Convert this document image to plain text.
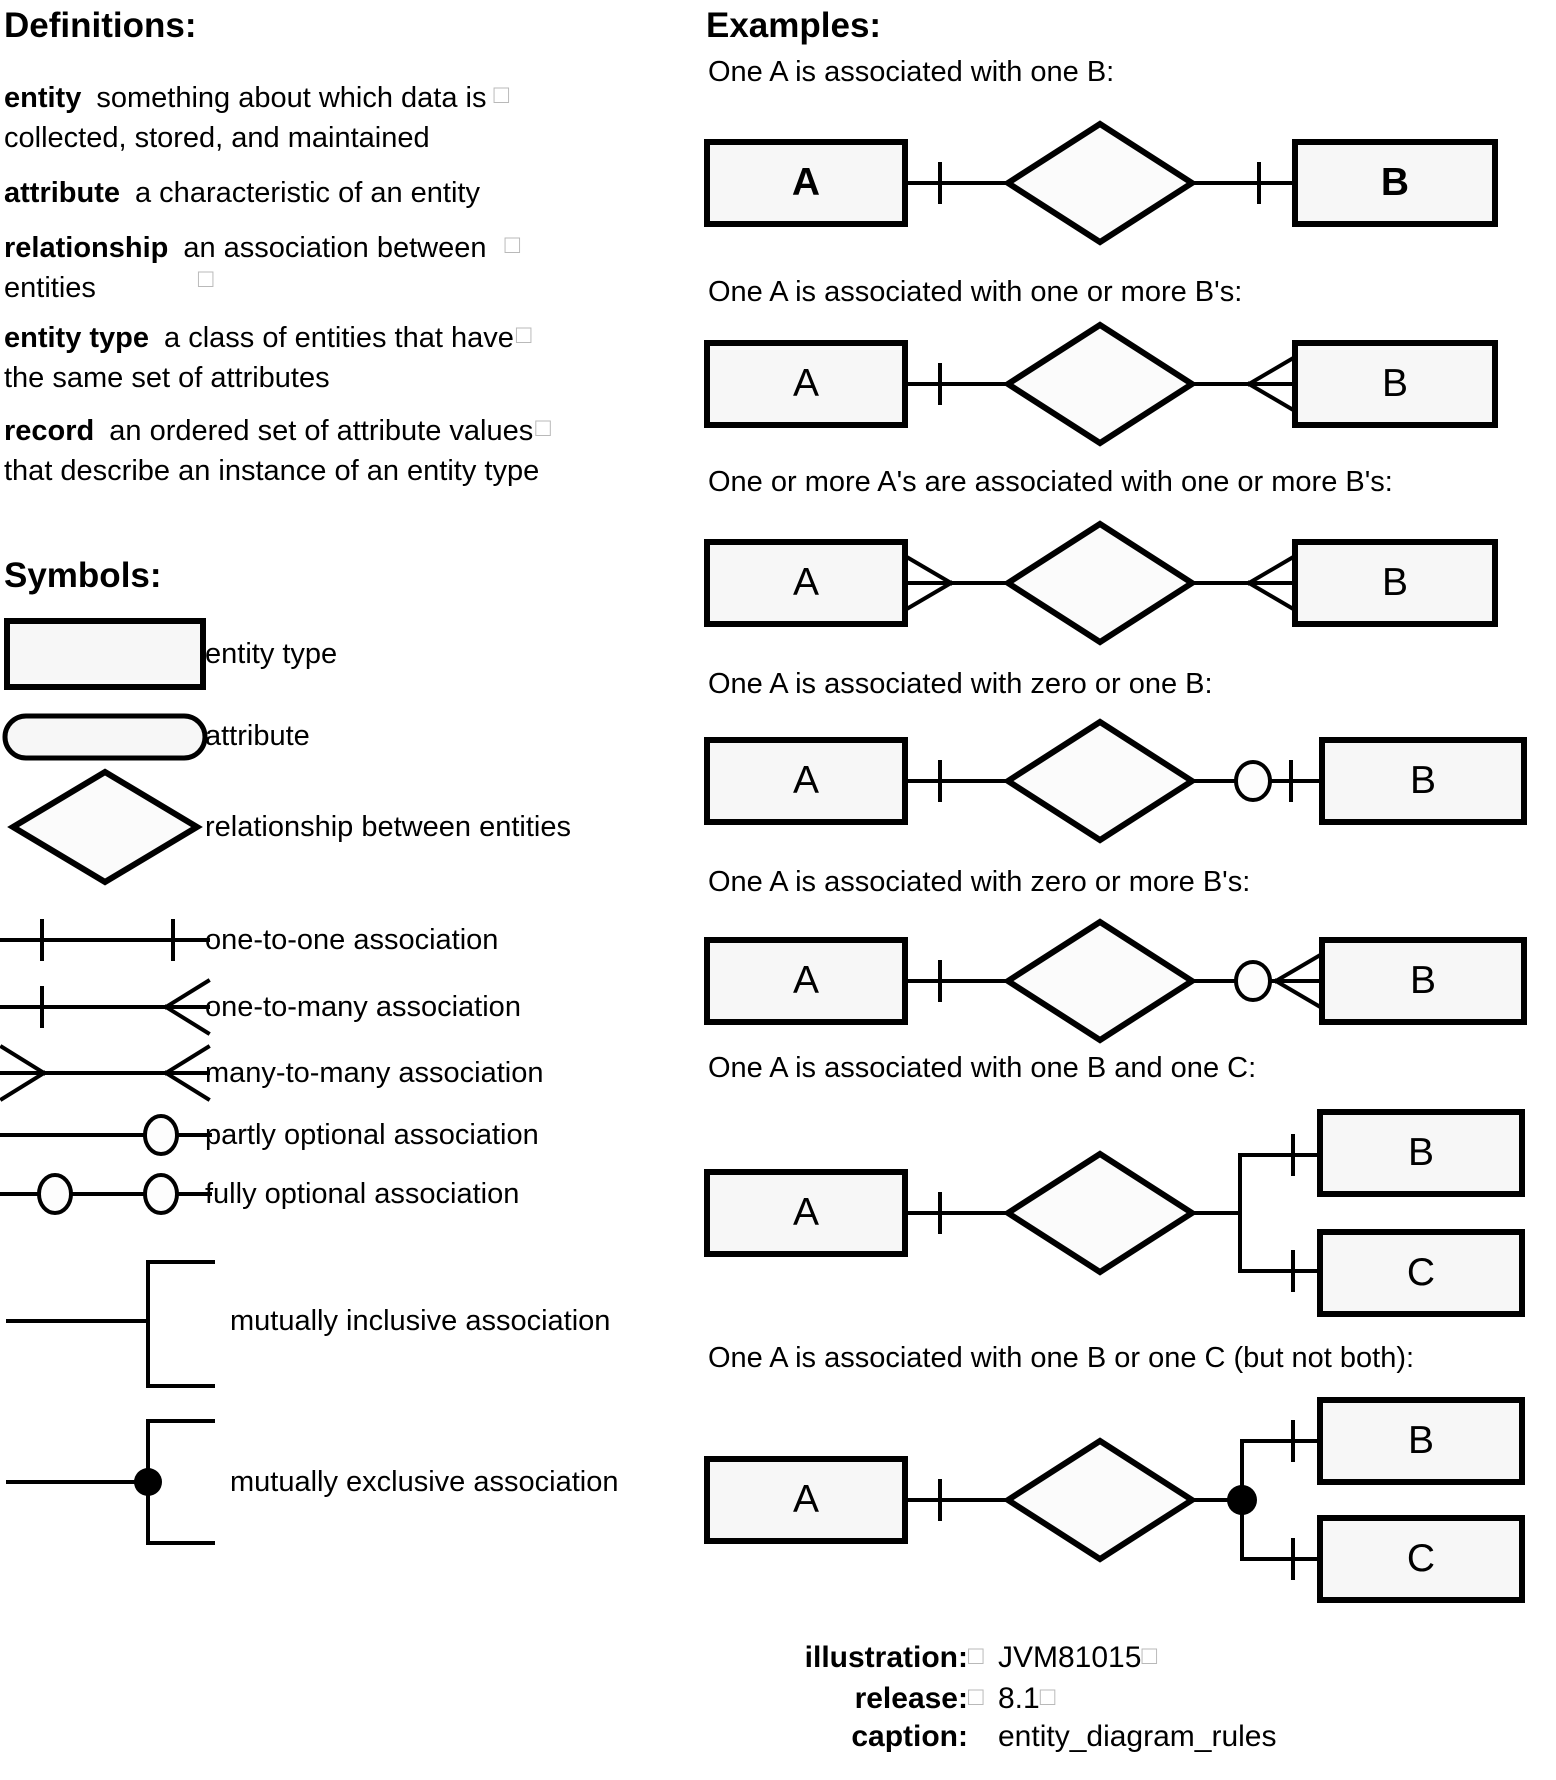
Definitions:
entity something about which data is □
collected, stored, and maintained
attribute a characteristic of an entity
relationship an association between □
entities	□
entity type a class of entities that have□
the same set of attributes
record an ordered set of attribute values□
that describe an instance of an entity type
Symbols:
entity type
attribute
relationship between entities
one-to-one association
one-to-many association
many-to-many association
partly optional association
fully optional association
mutually inclusive association
mutually exclusive association
Examples:
One A is associated with one B:
One A is associated with one or more B's:
One or more A's are associated with one or more B's:
One A is associated with zero or one B:
One A is associated with zero or more B's:
One A is associated with one B and one C:
One A is associated with one B or one C (but not both):
A	B
A	B
A	B
A	B
A	B
A
B
C
A
B
C
illustration:□ JVM81015□
release:□ 8.1□
caption: entity_diagram_rules
